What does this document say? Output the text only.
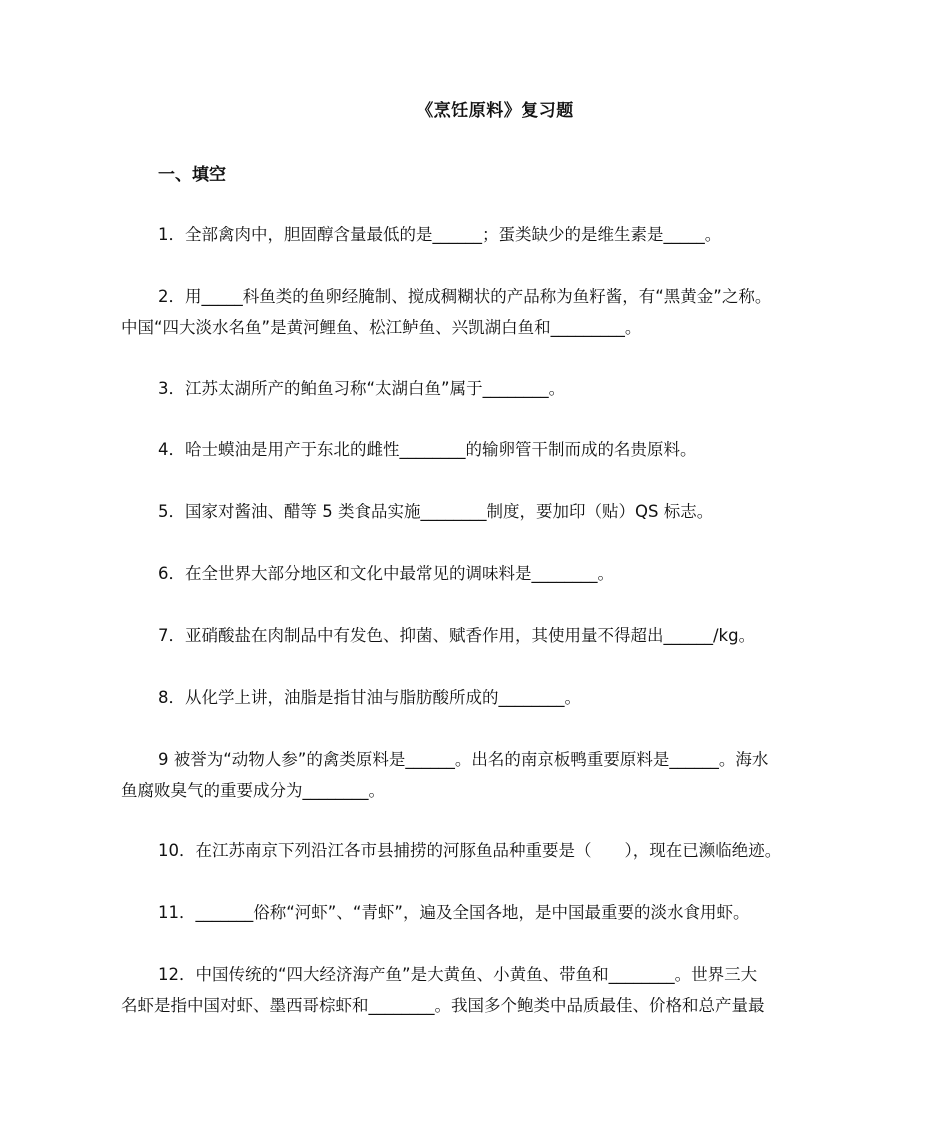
《烹饪原料》复习题
一、填空
1．全部禽肉中，胆固醇含量最低的是______；蛋类缺少的是维生素是_____。
2．用_____科鱼类的鱼卵经腌制、搅成稠糊状的产品称为鱼籽酱，有“黑黄金”之称。
中国“四大淡水名鱼”是黄河鲤鱼、松江鲈鱼、兴凯湖白鱼和_________。
3．江苏太湖所产的鲌鱼习称“太湖白鱼”属于________。
4．哈士蟆油是用产于东北的雌性________的输卵管干制而成的名贵原料。
5．国家对酱油、醋等 5 类食品实施________制度，要加印（贴）QS 标志。
6．在全世界大部分地区和文化中最常见的调味料是________。
7．亚硝酸盐在肉制品中有发色、抑菌、赋香作用，其使用量不得超出______/kg。
8．从化学上讲，油脂是指甘油与脂肪酸所成的________。
9 被誉为“动物人参”的禽类原料是______。出名的南京板鸭重要原料是______。海水
鱼腐败臭气的重要成分为________。
10．在江苏南京下列沿江各市县捕捞的河豚鱼品种重要是（　　），现在已濒临绝迹。
11．_______俗称“河虾”、“青虾”，遍及全国各地，是中国最重要的淡水食用虾。
12．中国传统的“四大经济海产鱼”是大黄鱼、小黄鱼、带鱼和________。世界三大
名虾是指中国对虾、墨西哥棕虾和________。我国多个鲍类中品质最佳、价格和总产量最
